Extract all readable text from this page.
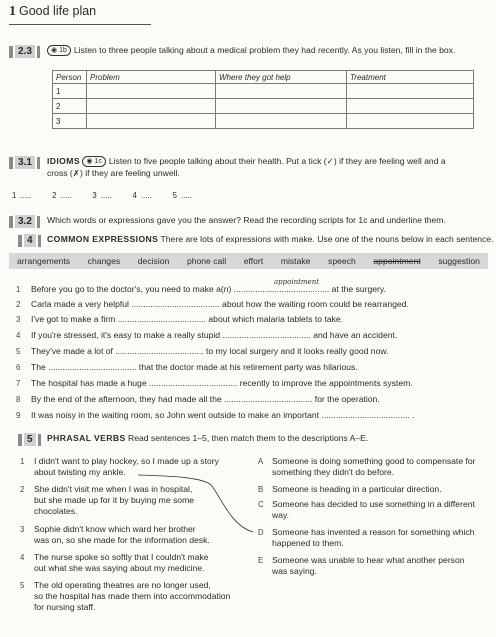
1 Good life plan
2.3	◉ 1b Listen to three people talking about a medical problem they had recently. As you listen, fill in the box.
Person	Problem	Where they got help	Treatment
1			
2			
3			
3.1	IDIOMS ◉ 1c Listen to five people talking about their health. Put a tick (✓) if they are feeling well and a
cross (✗) if they are feeling unwell.
1 .....     2 .....     3 .....     4 .....     5 .....
3.2	Which words or expressions gave you the answer? Read the recording scripts for 1c and underline them.
4	COMMON EXPRESSIONS There are lots of expressions with make. Use one of the nouns below in each sentence.
arrangements changes decision phone call effort mistake speech appointment suggestion
appointment
1 Before you go to the doctor's, you need to make a(n) ........................................ at the surgery.
2 Carla made a very helpful ..................................... about how the waiting room could be rearranged.
3 I've got to make a firm ..................................... about which malaria tablets to take.
4 If you're stressed, it's easy to make a really stupid ..................................... and have an accident.
5 They've made a lot of ..................................... to my local surgery and it looks really good now.
6 The ..................................... that the doctor made at his retirement party was hilarious.
7 The hospital has made a huge ..................................... recently to improve the appointments system.
8 By the end of the afternoon, they had made all the ..................................... for the operation.
9 It was noisy in the waiting room, so John went outside to make an important ..................................... .
5	PHRASAL VERBS Read sentences 1–5, then match them to the descriptions A–E.
1 I didn't want to play hockey, so I made up a story
about twisting my ankle.
2 She didn't visit me when I was in hospital,
but she made up for it by buying me some
chocolates.
3 Sophie didn't know which ward her brother
was on, so she made for the information desk.
4 The nurse spoke so softly that I couldn't make
out what she was saying about my medicine.
5 The old operating theatres are no longer used,
so the hospital has made them into accommodation
for nursing staff.
A Someone is doing something good to compensate for
something they didn't do before.
B Someone is heading in a particular direction.
C Someone has decided to use something in a different
way.
D Someone has invented a reason for something which
happened to them.
E Someone was unable to hear what another person
was saying.
